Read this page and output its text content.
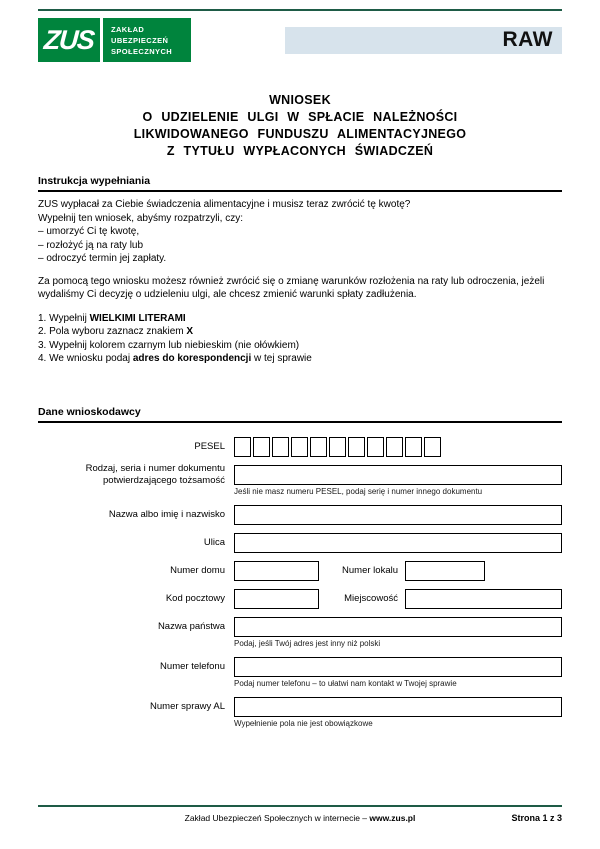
ZUS ZAKŁAD
UBEZPIECZEŃ
SPOŁECZNYCH	RAW
WNIOSEK
O UDZIELENIE ULGI W SPŁACIE NALEŻNOŚCI
LIKWIDOWANEGO FUNDUSZU ALIMENTACYJNEGO
Z TYTUŁU WYPŁACONYCH ŚWIADCZEŃ
Instrukcja wypełniania
ZUS wypłacał za Ciebie świadczenia alimentacyjne i musisz teraz zwrócić tę kwotę?
Wypełnij ten wniosek, abyśmy rozpatrzyli, czy:
– umorzyć Ci tę kwotę,
– rozłożyć ją na raty lub
– odroczyć termin jej zapłaty.
Za pomocą tego wniosku możesz również zwrócić się o zmianę warunków rozłożenia na raty lub odroczenia, jeżeli wydaliśmy Ci decyzję o udzieleniu ulgi, ale chcesz zmienić warunki spłaty zadłużenia.
1. Wypełnij WIELKIMI LITERAMI
2. Pola wyboru zaznacz znakiem X
3. Wypełnij kolorem czarnym lub niebieskim (nie ołówkiem)
4. We wniosku podaj adres do korespondencji w tej sprawie
Dane wnioskodawcy
PESEL
Rodzaj, seria i numer dokumentu
potwierdzającego tożsamość
Jeśli nie masz numeru PESEL, podaj serię i numer innego dokumentu
Nazwa albo imię i nazwisko
Ulica
Numer domu	Numer lokalu
Kod pocztowy	Miejscowość
Nazwa państwa
Podaj, jeśli Twój adres jest inny niż polski
Numer telefonu
Podaj numer telefonu – to ułatwi nam kontakt w Twojej sprawie
Numer sprawy AL
Wypełnienie pola nie jest obowiązkowe
Zakład Ubezpieczeń Społecznych w internecie – www.zus.pl	Strona 1 z 3
